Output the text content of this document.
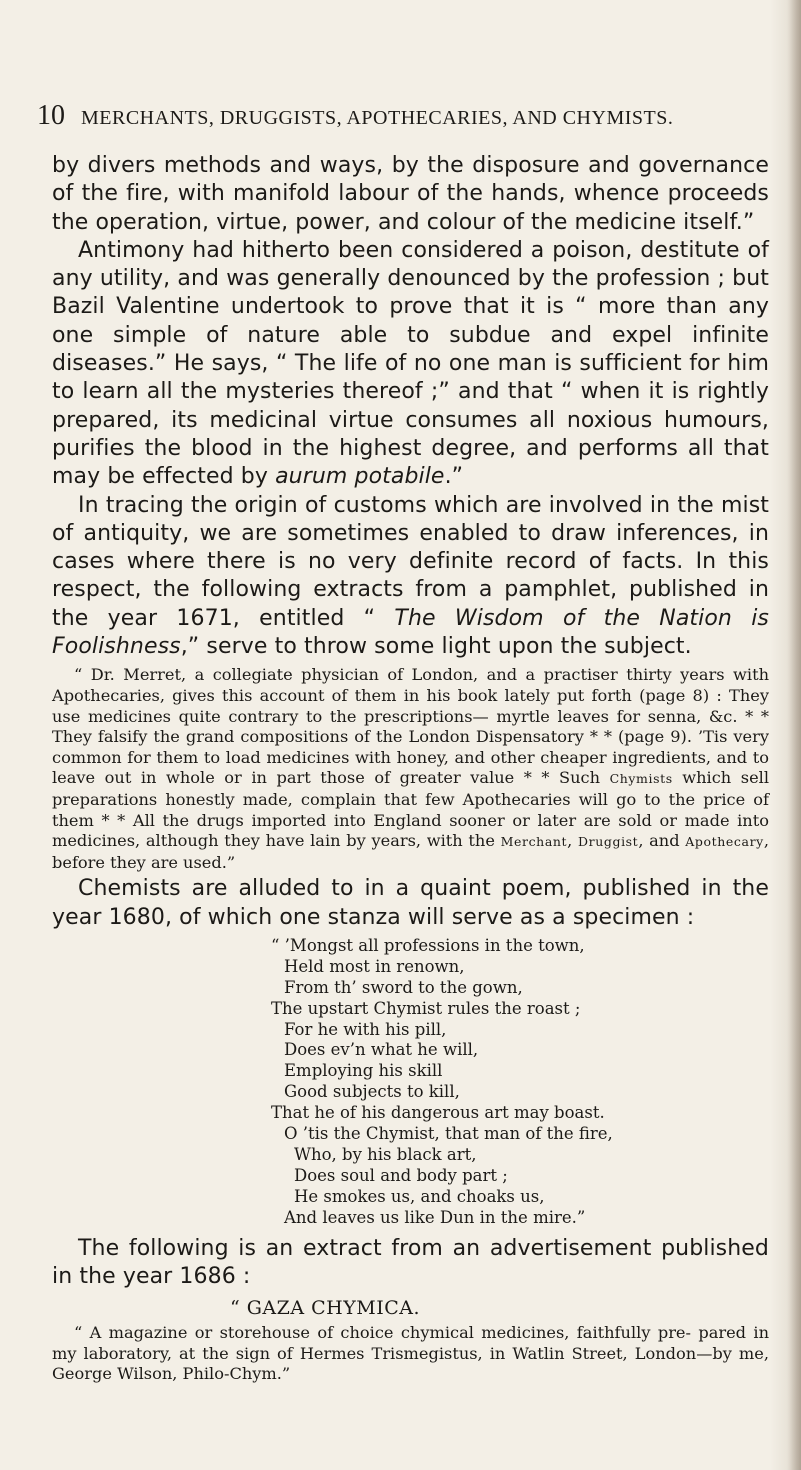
10 MERCHANTS, DRUGGISTS, APOTHECARIES, AND CHYMISTS.

by divers methods and ways, by the disposure and governance of the fire, with manifold labour of the hands, whence proceeds the operation, virtue, power, and colour of the medicine itself.”

Antimony had hitherto been considered a poison, destitute of any utility, and was generally denounced by the profession ; but Bazil Valentine undertook to prove that it is “ more than any one simple of nature able to subdue and expel infinite diseases.” He says, “ The life of no one man is sufficient for him to learn all the mysteries thereof ;” and that “ when it is rightly prepared, its medicinal virtue consumes all noxious humours, purifies the blood in the highest degree, and performs all that may be effected by aurum potabile.”

In tracing the origin of customs which are involved in the mist of antiquity, we are sometimes enabled to draw inferences, in cases where there is no very definite record of facts. In this respect, the following extracts from a pamphlet, published in the year 1671, entitled “ The Wisdom of the Nation is Foolishness,” serve to throw some light upon the subject.

“ Dr. Merret, a collegiate physician of London, and a practiser thirty years with Apothecaries, gives this account of them in his book lately put forth (page 8) : They use medicines quite contrary to the prescriptions— myrtle leaves for senna, &c. * * They falsify the grand compositions of the London Dispensatory * * (page 9). ’Tis very common for them to load medicines with honey, and other cheaper ingredients, and to leave out in whole or in part those of greater value * * Such Chymists which sell preparations honestly made, complain that few Apothecaries will go to the price of them * * All the drugs imported into England sooner or later are sold or made into medicines, although they have lain by years, with the Merchant, Druggist, and Apothecary, before they are used.”

Chemists are alluded to in a quaint poem, published in the year 1680, of which one stanza will serve as a specimen :

“ ’Mongst all professions in the town,
Held most in renown,
From th’ sword to the gown,
The upstart Chymist rules the roast ;
For he with his pill,
Does ev’n what he will,
Employing his skill
Good subjects to kill,
That he of his dangerous art may boast.
O ’tis the Chymist, that man of the fire,
Who, by his black art,
Does soul and body part ;
He smokes us, and choaks us,
And leaves us like Dun in the mire.”

The following is an extract from an advertisement published in the year 1686 :

“ GAZA CHYMICA.

“ A magazine or storehouse of choice chymical medicines, faithfully pre- pared in my laboratory, at the sign of Hermes Trismegistus, in Watlin Street, London—by me, George Wilson, Philo-Chym.”
